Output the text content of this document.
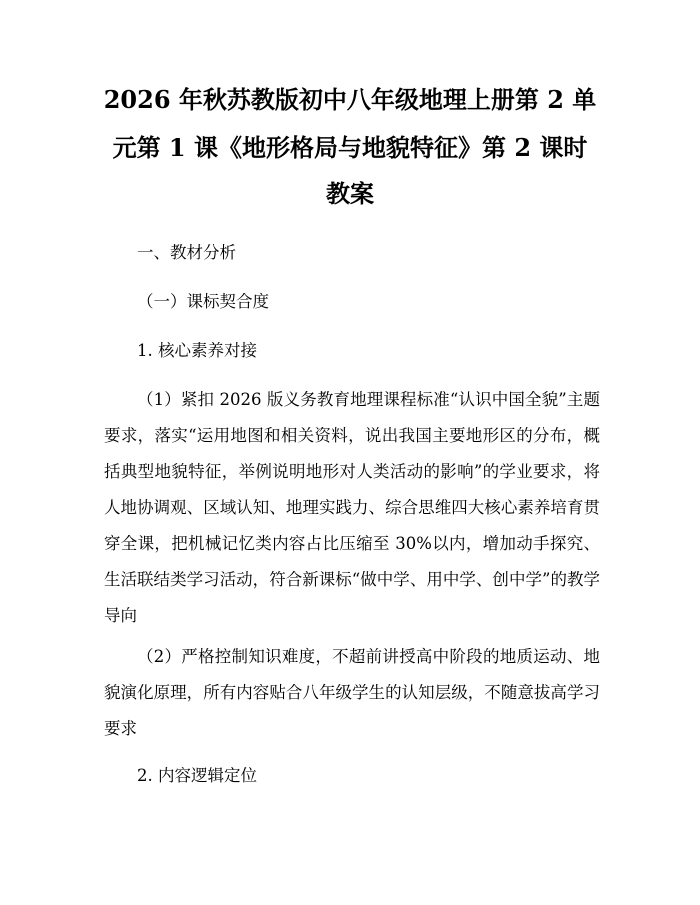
2026 年秋苏教版初中八年级地理上册第 2 单
元第 1 课《地形格局与地貌特征》第 2 课时
教案
一、教材分析
（一）课标契合度
1. 核心素养对接
（1）紧扣 2026 版义务教育地理课程标准“认识中国全貌”主题要求，落实“运用地图和相关资料，说出我国主要地形区的分布，概括典型地貌特征，举例说明地形对人类活动的影响”的学业要求，将人地协调观、区域认知、地理实践力、综合思维四大核心素养培育贯穿全课，把机械记忆类内容占比压缩至 30%以内，增加动手探究、生活联结类学习活动，符合新课标“做中学、用中学、创中学”的教学导向
（2）严格控制知识难度，不超前讲授高中阶段的地质运动、地貌演化原理，所有内容贴合八年级学生的认知层级，不随意拔高学习要求
2. 内容逻辑定位
